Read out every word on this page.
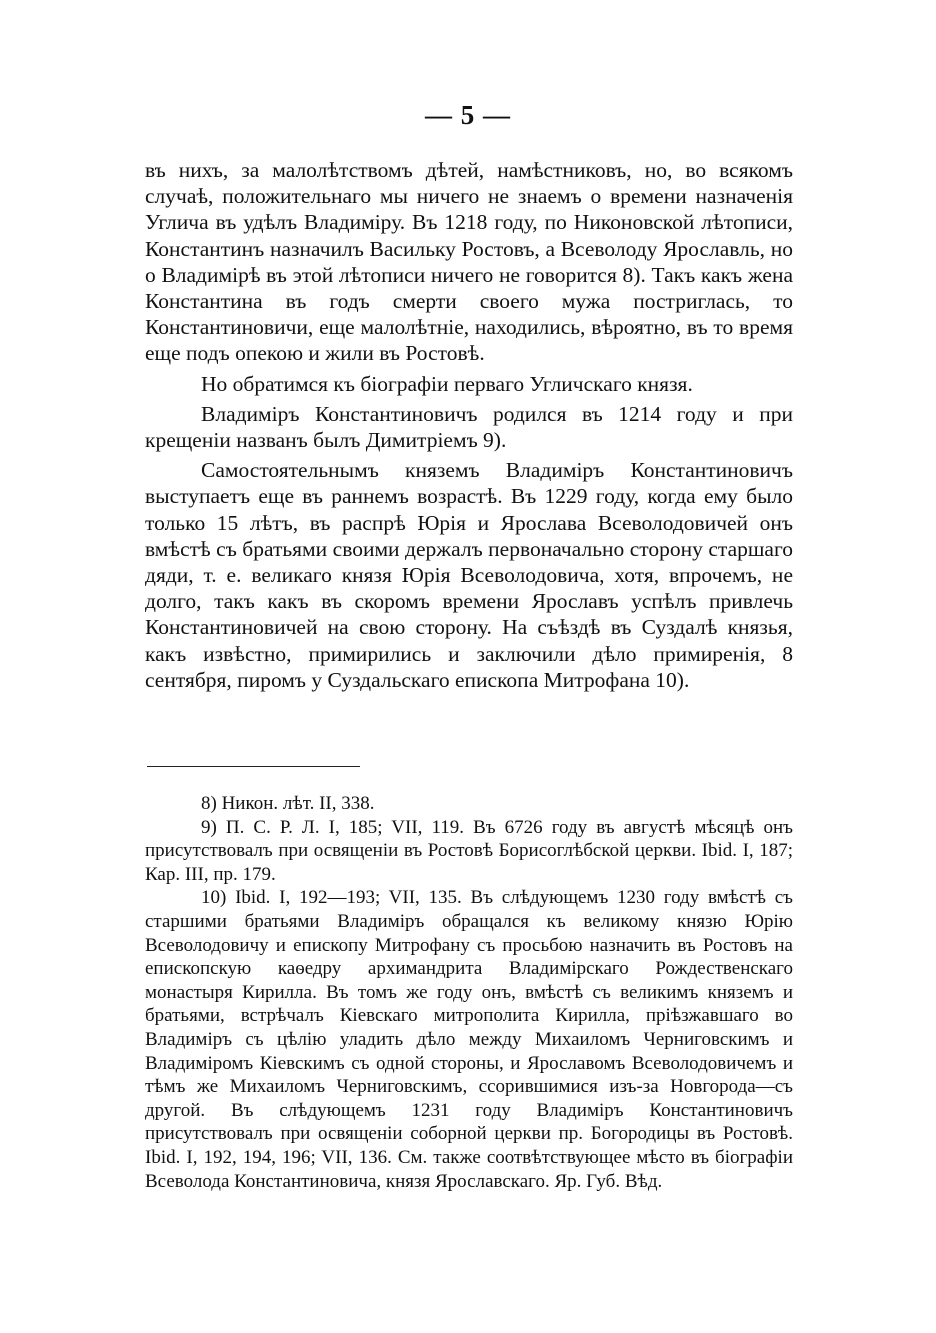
— 5 —

въ нихъ, за малолѣтствомъ дѣтей, намѣстниковъ, но, во всякомъ случаѣ, положительнаго мы ничего не знаемъ о времени назначенія Углича въ удѣлъ Владиміру. Въ 1218 году, по Никоновской лѣтописи, Константинъ назначилъ Васильку Ростовъ, а Всеволоду Ярославль, но о Владимірѣ въ этой лѣтописи ничего не говорится 8). Такъ какъ жена Константина въ годъ смерти своего мужа постриглась, то Константиновичи, еще малолѣтніе, находились, вѣроятно, въ то время еще подъ опекою и жили въ Ростовѣ.

Но обратимся къ біографіи перваго Угличскаго князя.

Владиміръ Константиновичъ родился въ 1214 году и при крещеніи названъ былъ Димитріемъ 9).

Самостоятельнымъ княземъ Владиміръ Константиновичъ выступаетъ еще въ раннемъ возрастѣ. Въ 1229 году, когда ему было только 15 лѣтъ, въ распрѣ Юрія и Ярослава Всеволодовичей онъ вмѣстѣ съ братьями своими держалъ первоначально сторону старшаго дяди, т. е. великаго князя Юрія Всеволодовича, хотя, впрочемъ, не долго, такъ какъ въ скоромъ времени Ярославъ успѣлъ привлечь Константиновичей на свою сторону. На съѣздѣ въ Суздалѣ князья, какъ извѣстно, примирились и заключили дѣло примиренія, 8 сентября, пиромъ у Суздальскаго епископа Митрофана 10).

8) Никон. лѣт. II, 338.

9) П. С. Р. Л. I, 185; VII, 119. Въ 6726 году въ августѣ мѣсяцѣ онъ присутствовалъ при освященіи въ Ростовѣ Борисоглѣбской церкви. Ibid. I, 187; Кар. III, пр. 179.

10) Ibid. I, 192—193; VII, 135. Въ слѣдующемъ 1230 году вмѣстѣ съ старшими братьями Владиміръ обращался къ великому князю Юрію Всеволодовичу и епископу Митрофану съ просьбою назначить въ Ростовъ на епископскую каѳедру архимандрита Владимірскаго Рождественскаго монастыря Кирилла. Въ томъ же году онъ, вмѣстѣ съ великимъ княземъ и братьями, встрѣчалъ Кіевскаго митрополита Кирилла, пріѣзжавшаго во Владиміръ съ цѣлію уладить дѣло между Михаиломъ Черниговскимъ и Владиміромъ Кіевскимъ съ одной стороны, и Ярославомъ Всеволодовичемъ и тѣмъ же Михаиломъ Черниговскимъ, ссорившимися изъ-за Новгорода—съ другой. Въ слѣдующемъ 1231 году Владиміръ Константиновичъ присутствовалъ при освященіи соборной церкви пр. Богородицы въ Ростовѣ. Ibid. I, 192, 194, 196; VII, 136. См. также соотвѣтствующее мѣсто въ біографіи Всеволода Константиновича, князя Ярославскаго. Яр. Губ. Вѣд.
